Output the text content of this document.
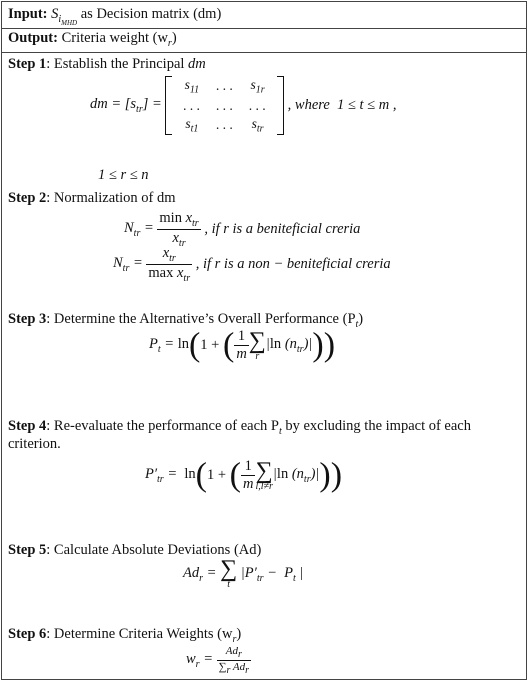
Input: $S_{i_{MHD}}$ as Decision matrix (dm)
Output: Criteria weight $(w_r)$
Step 1: Establish the Principal dm
dm = $[s_{tr}]$ =
$s_{11}$	. . .	$s_{1r}$
. . .	. . .	. . .
$s_{t1}$	. . .	$s_{tr}$
, where  1 ≤ t ≤ m ,
1 ≤ r ≤ n
Step 2: Normalization of dm
$N_{tr} = \frac{\min x_{tr}}{x_{tr}}$ , if r is a beniteficial creria
$N_{tr} = \frac{x_{tr}}{\max x_{tr}}$ , if r is a non − beniteficial creria
Step 3: Determine the Alternative’s Overall Performance $(P_t)$
$P_t = \ln(1$ + ( $\frac{1}{m}$ ∑
r
|ln $(n_{tr})|$))
Step 4: Re-evaluate the performance of each $P_t$ by excluding the impact of each
criterion.
$P'_{tr} = \ln(1$ + ( $\frac{1}{m}$ ∑
l,l≠r
|ln $(n_{tr})|$))
Step 5: Calculate Absolute Deviations (Ad)
$Ad_r$ = ∑
t
$|P'_{tr} - P_t$ |
Step 6: Determine Criteria Weights $(w_r)$
$w_r = \frac{Ad_r}{\sum_r Ad_r}$
